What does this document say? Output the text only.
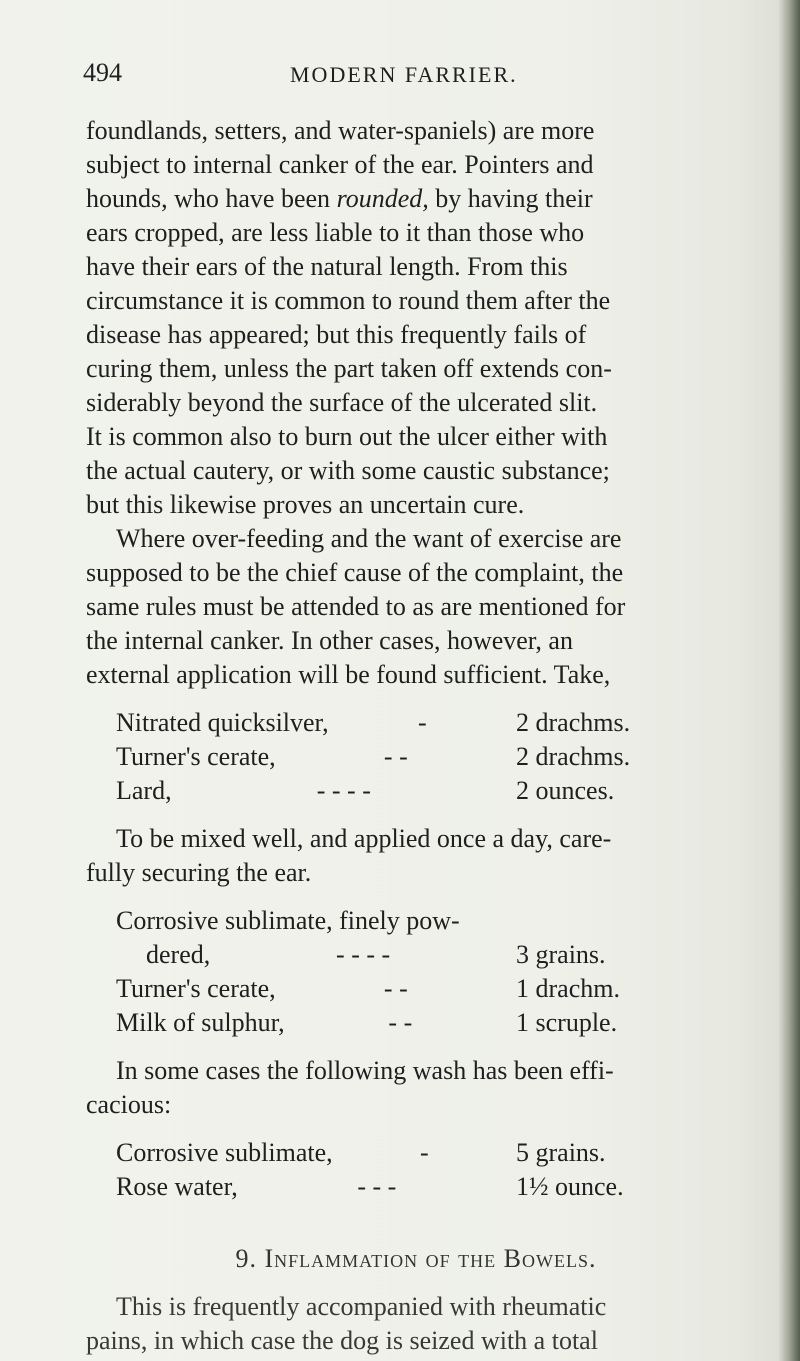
494	MODERN FARRIER.

foundlands, setters, and water-spaniels) are more
subject to internal canker of the ear. Pointers and
hounds, who have been rounded, by having their
ears cropped, are less liable to it than those who
have their ears of the natural length. From this
circumstance it is common to round them after the
disease has appeared; but this frequently fails of
curing them, unless the part taken off extends con-
siderably beyond the surface of the ulcerated slit.
It is common also to burn out the ulcer either with
the actual cautery, or with some caustic substance;
but this likewise proves an uncertain cure.

Where over-feeding and the want of exercise are
supposed to be the chief cause of the complaint, the
same rules must be attended to as are mentioned for
the internal canker. In other cases, however, an
external application will be found sufficient. Take,

Nitrated quicksilver,	-	2 drachms.
Turner's cerate,	- -	2 drachms.
Lard,	- - - -	2 ounces.

To be mixed well, and applied once a day, care-
fully securing the ear.

Corrosive sublimate, finely pow-
dered,	- - - -	3 grains.
Turner's cerate,	- -	1 drachm.
Milk of sulphur,	- -	1 scruple.

In some cases the following wash has been effi-
cacious:

Corrosive sublimate,	-	5 grains.
Rose water,	- - -	1½ ounce.
9. Inflammation of the Bowels.

This is frequently accompanied with rheumatic
pains, in which case the dog is seized with a total
